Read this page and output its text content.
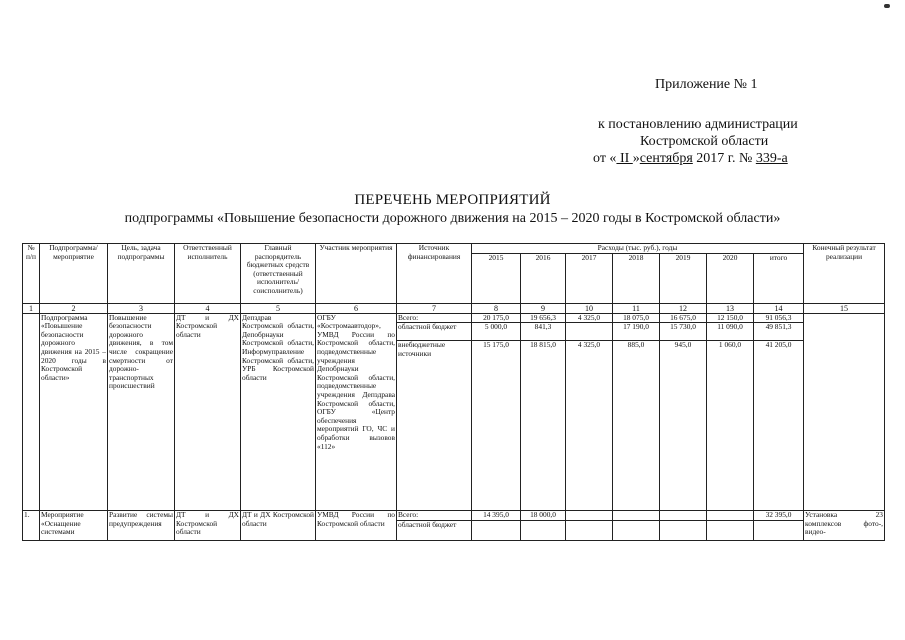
Приложение № 1
к постановлению администрации
Костромской области
от « II »сентября 2017 г. № 339-а
ПЕРЕЧЕНЬ МЕРОПРИЯТИЙ
подпрограммы «Повышение безопасности дорожного движения на 2015 – 2020 годы в Костромской области»
№ п/п	Подпрограмма/ мероприятие	Цель, задача подпрограммы	Ответственный исполнитель	Главный распорядитель бюджетных средств (ответственный исполнитель/ соисполнитель)	Участник мероприятия	Источник финансирования	Расходы (тыс. руб.), годы							Конечный результат реализации
							2015	2016	2017	2018	2019	2020	итого	
1	2	3	4	5	6	7	8	9	10	11	12	13	14	15
	Подпрограмма «Повышение безопасности дорожного движения на 2015 – 2020 годы в Костромской области»	Повышение безопасности дорожного движения, в том числе сокращение смертности от дорожно-транспортных происшествий	ДТ и ДХ Костромской области	Депздрав Костромской области, Депобрнауки Костромской области, Информуправление Костромской области, УРБ Костромской области	ОГБУ «Костромаавтодор», УМВД России по Костромской области, подведомственные учреждения Депобрнауки Костромской области, подведомственные учреждения Депздрава Костромской области, ОГБУ «Центр обеспечения мероприятий ГО, ЧС и обработки вызовов «112»	Всего:	20 175,0	19 656,3	4 325,0	18 075,0	16 675,0	12 150,0	91 056,3	
						областной бюджет	5 000,0	841,3		17 190,0	15 730,0	11 090,0	49 851,3	
						внебюджетные источники	15 175,0	18 815,0	4 325,0	885,0	945,0	1 060,0	41 205,0	
1.	Мероприятие «Оснащение системами	Развитие системы предупреждения	ДТ и ДХ Костромской области	ДТ и ДХ Костромской области	УМВД России по Костромской области	Всего:	14 395,0	18 000,0					32 395,0	Установка 23 комплексов фото-, видео-
						областной бюджет								
